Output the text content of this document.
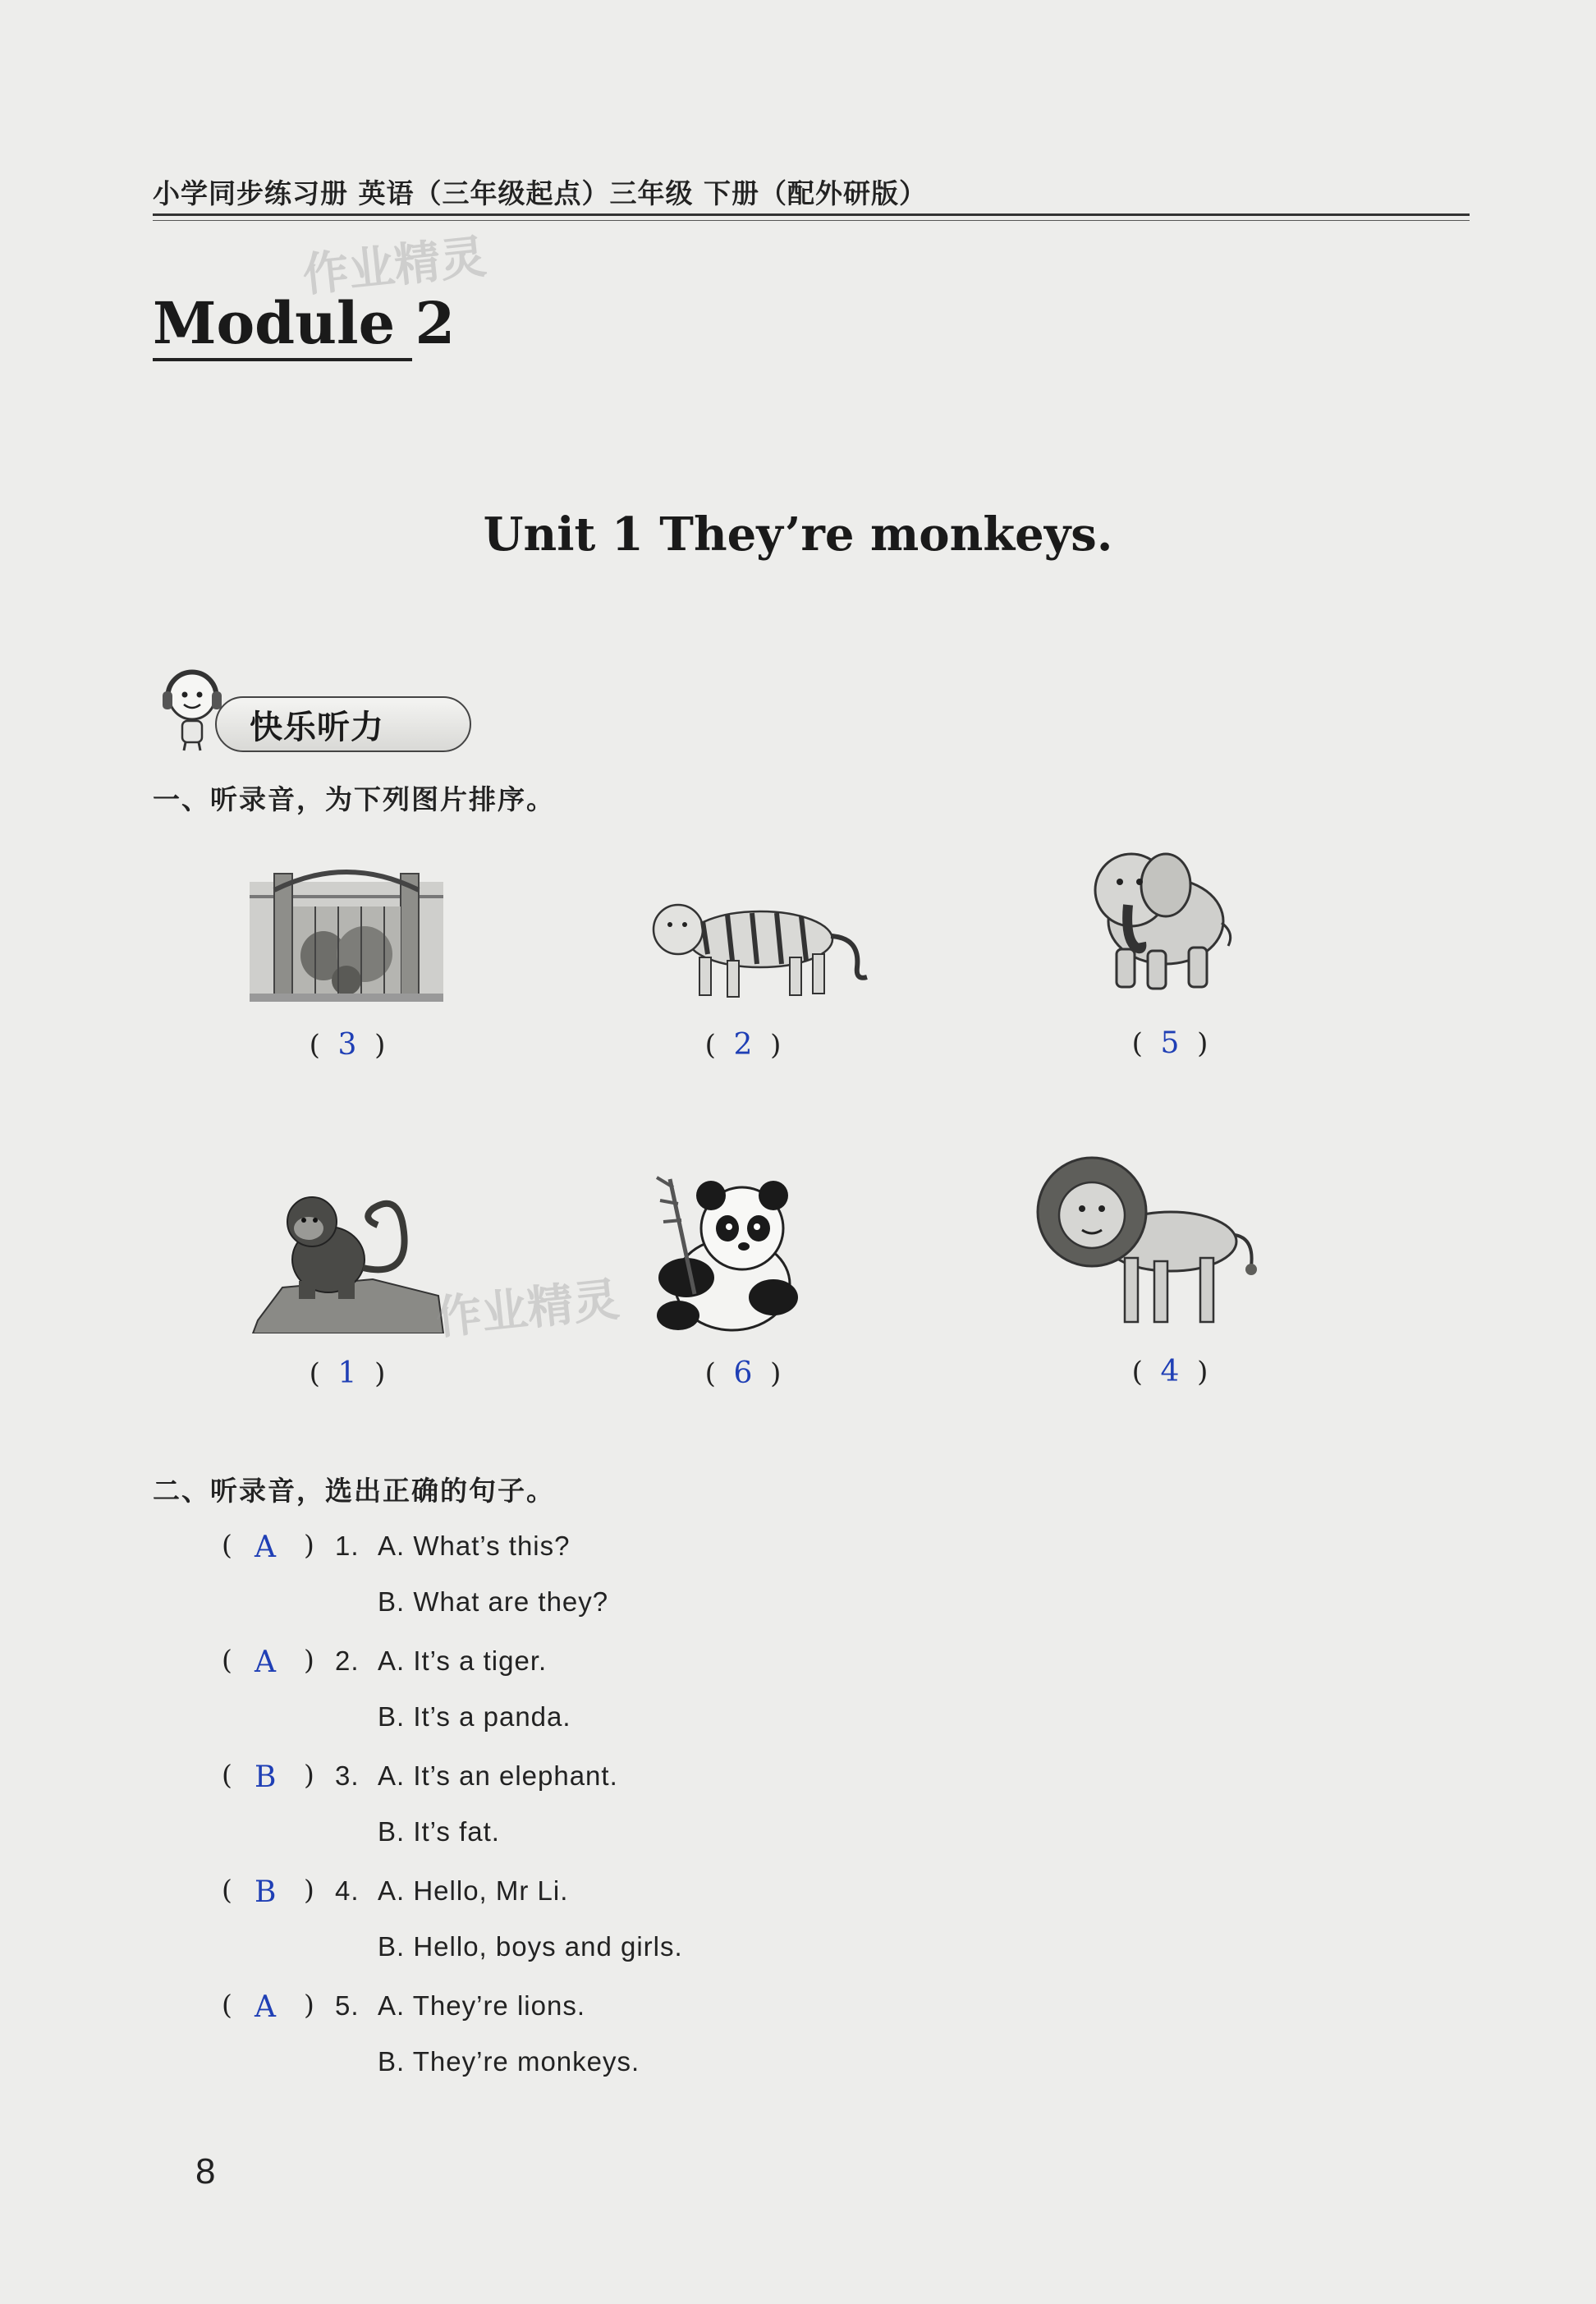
小学同步练习册 英语（三年级起点）三年级 下册（配外研版）
作业精灵
Module 2
Unit 1 They’re monkeys.
快乐听力
一、听录音，为下列图片排序。
(  3  )	(  2  )	(  5  )
作业精灵
(  1  )	(  6  )	(  4  )
二、听录音，选出正确的句子。
( A ) 1. A. What’s this?
B. What are they?
( A ) 2. A. It’s a tiger.
B. It’s a panda.
( B ) 3. A. It’s an elephant.
B. It’s fat.
( B ) 4. A. Hello, Mr Li.
B. Hello, boys and girls.
( A ) 5. A. They’re lions.
B. They’re monkeys.
8
